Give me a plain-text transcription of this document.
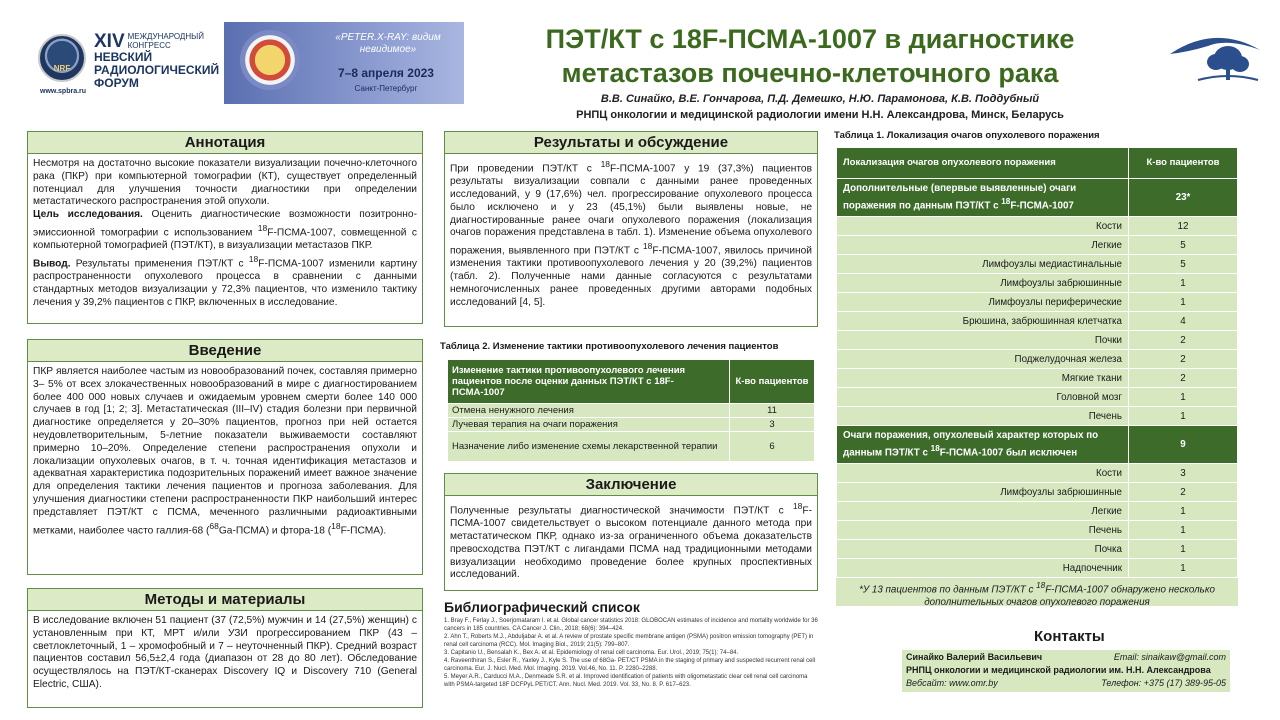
NRF
XIV МЕЖДУНАРОДНЫЙ
КОНГРЕСС
НЕВСКИЙ
РАДИОЛОГИЧЕСКИЙ
ФОРУМ
www.spbra.ru
«PETER.X-RAY: видим невидимое»
7–8 апреля 2023
Санкт-Петербург
ПЭТ/КТ с 18F-ПСМА-1007 в диагностике метастазов почечно-клеточного рака
В.В. Синайко, В.Е. Гончарова, П.Д. Демешко, Н.Ю. Парамонова, К.В. Поддубный
РНПЦ онкологии и медицинской радиологии имени Н.Н. Александрова, Минск, Беларусь
Аннотация

Несмотря на достаточно высокие показатели визуализации почечно-клеточного рака (ПКР) при компьютерной томографии (КТ), существует определенный потенциал для улучшения точности диагностики при определении метастатического распространения этой опухоли.

Цель исследования. Оценить диагностические возможности позитронно-эмиссионной томографии с использованием $^{18}$F-ПСМА-1007, совмещенной с компьютерной томографией (ПЭТ/КТ), в визуализации метастазов ПКР.

Вывод. Результаты применения ПЭТ/КТ с $^{18}$F-ПСМА-1007 изменили картину распространенности опухолевого процесса в сравнении с данными стандартных методов визуализации у 72,3% пациентов, что изменило тактику лечения у 39,2% пациентов с ПКР, включенных в исследование.

Введение

ПКР является наиболее частым из новообразований почек, составляя примерно 3– 5% от всех злокачественных новообразований в мире с диагностированием более 400 000 новых случаев и ожидаемым уровнем смерти более 140 000 случаев в год [1; 2; 3]. Метастатическая (III–IV) стадия болезни при первичной диагностике определяется у 20–30% пациентов, прогноз при ней остается неудовлетворительным, 5-летние показатели выживаемости составляют примерно 10–20%. Определение степени распространения опухоли и локализации опухолевых очагов, в т. ч. точная идентификация метастазов и адекватная характеристика подозрительных поражений имеет важное значение для определения тактики лечения пациентов и прогноза заболевания. Для улучшения диагностики степени распространенности ПКР наибольший интерес представляет ПЭТ/КТ с ПСМА, меченного различными радиоактивными метками, наиболее часто галлия-68 ($^{68}$Ga-ПСМА) и фтора-18 ($^{18}$F-ПСМА).

Методы и материалы

В исследование включен 51 пациент (37 (72,5%) мужчин и 14 (27,5%) женщин) с установленным при КТ, МРТ и/или УЗИ прогрессированием ПКР (43 – светлоклеточный, 1 – хромофобный и 7 – неуточненный ПКР). Средний возраст пациентов составил 56,5±2,4 года (диапазон от 28 до 80 лет). Обследование осуществлялось на ПЭТ/КТ-сканерах Discovery IQ и Discovery 710 (General Electric, США).

Результаты и обсуждение

При проведении ПЭТ/КТ с $^{18}$F-ПСМА-1007 у 19 (37,3%) пациентов результаты визуализации совпали с данными ранее проведенных исследований, у 9 (17,6%) чел. прогрессирование опухолевого процесса было исключено и у 23 (45,1%) были выявлены новые, не диагностированные ранее очаги опухолевого поражения (локализация очагов поражения представлена в табл. 1). Изменение объема опухолевого поражения, выявленного при ПЭТ/КТ с $^{18}$F-ПСМА-1007, явилось причиной изменения тактики противоопухолевого лечения у 20 (39,2%) пациентов (табл. 2). Полученные нами данные согласуются с результатами немногочисленных ранее проведенных другими авторами подобных исследований [4, 5].

Таблица 2. Изменение тактики противоопухолевого лечения пациентов
Изменение тактики противоопухолевого лечения пациентов после оценки данных ПЭТ/КТ с 18F-ПСМА-1007	К-во пациентов
Отмена ненужного лечения	11
Лучевая терапия на очаги поражения	3
Назначение либо изменение схемы лекарственной терапии	6
Заключение

Полученные результаты диагностической значимости ПЭТ/КТ с $^{18}$F-ПСМА-1007 свидетельствует о высоком потенциале данного метода при метастатическом ПКР, однако из-за ограниченного объема доказательств превосходства ПЭТ/КТ с лигандами ПСМА над традиционными методами визуализации необходимо проведение более крупных проспективных исследований.

Библиографический список
1. Bray F., Ferlay J., Soerjomataram I. et al. Global cancer statistics 2018: GLOBOCAN estimates of incidence and mortality worldwide for 36 cancers in 185 countries. CA Cancer J. Clin., 2018; 68(6): 394–424.
2. Ahn T., Roberts M.J., Abduljabar A. et al. A review of prostate specific membrane antigen (PSMA) positron emission tomography (PET) in renal cell carcinoma (RCC). Mol. Imaging Biol., 2019; 21(5): 799–807.
3. Capitanio U., Bensalah K., Bex A. et al. Epidemiology of renal cell carcinoma. Eur. Urol., 2019; 75(1): 74–84.
4. Raveenthiran S., Esler R., Yaxley J., Kyle S. The use of 68Ga- PET/CT PSMA in the staging of primary and suspected recurrent renal cell carcinoma. Eur. J. Nucl. Med. Mol. Imaging. 2019. Vol.46, No. 11. P. 2280–2288.
5. Meyer A.R., Carducci M.A., Denmeade S.R. et al. Improved identification of patients with oligometastatic clear cell renal cell carcinoma with PSMA-targeted 18F DCFPyL PET/CT. Ann. Nucl. Med. 2019. Vol. 33, No. 8. P. 617–623.
Таблица 1. Локализация очагов опухолевого поражения
Локализация очагов опухолевого поражения	К-во пациентов
Дополнительные (впервые выявленные) очаги поражения по данным ПЭТ/КТ с $^{18}$F-ПСМА-1007	23*
Кости	12
Легкие	5
Лимфоузлы медиастинальные	5
Лимфоузлы забрюшинные	1
Лимфоузлы периферические	1
Брюшина, забрюшинная клетчатка	4
Почки	2
Поджелудочная железа	2
Мягкие ткани	2
Головной мозг	1
Печень	1
Очаги поражения, опухолевый характер которых по данным ПЭТ/КТ с $^{18}$F-ПСМА-1007 был исключен	9
Кости	3
Лимфоузлы забрюшинные	2
Легкие	1
Печень	1
Почка	1
Надпочечник	1
*У 13 пациентов по данным ПЭТ/КТ с $^{18}$F-ПСМА-1007 обнаружено несколько дополнительных очагов опухолевого поражения
Контакты
Синайко Валерий Васильевич	Email: sinaikaw@gmail.com
РНПЦ онкологии и медицинской радиологии им. Н.Н. Александрова
Вебсайт: www.omr.by	Телефон: +375 (17) 389-95-05
